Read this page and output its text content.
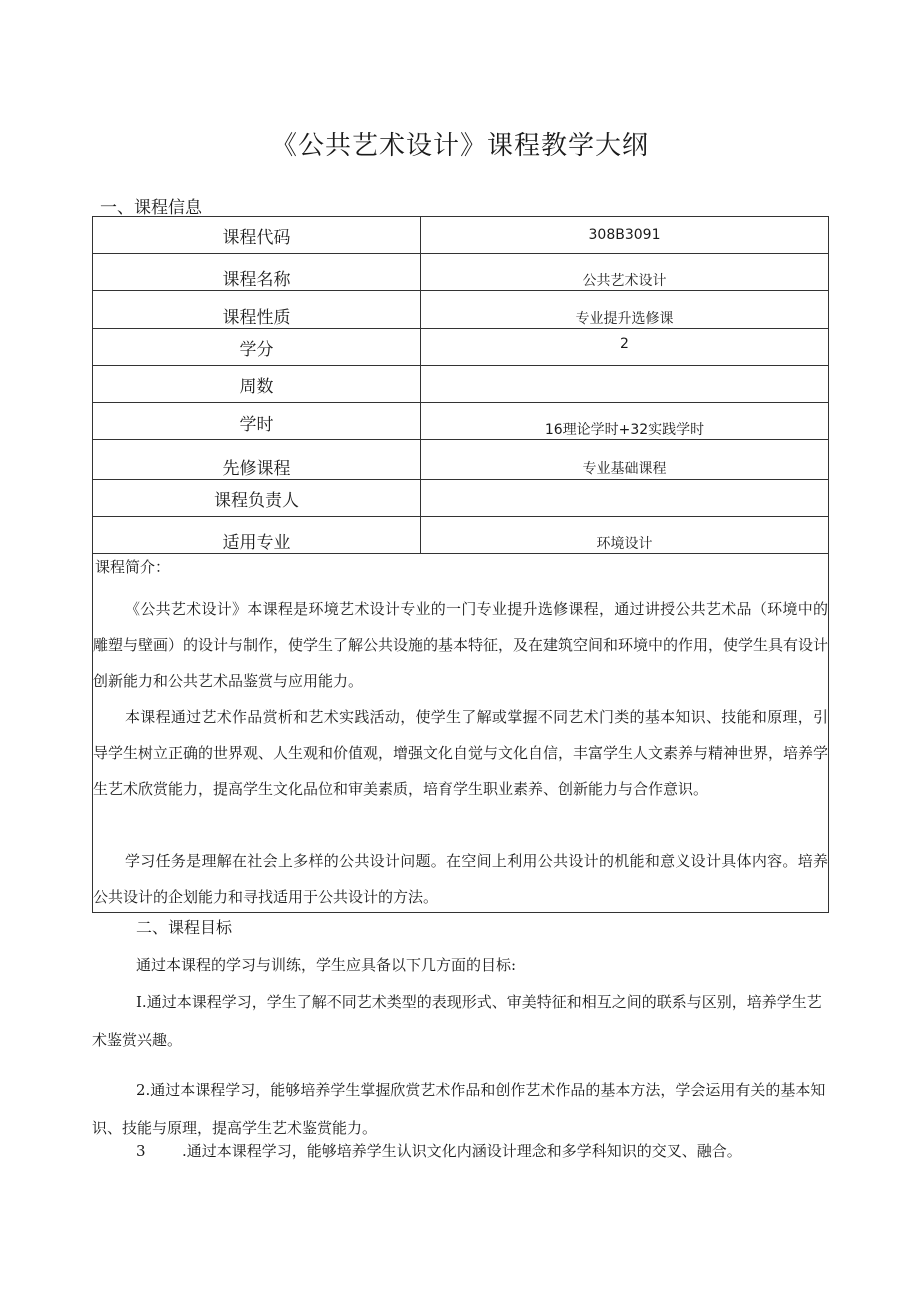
《公共艺术设计》课程教学大纲
一、课程信息
课程代码	308B3091
课程名称	公共艺术设计
课程性质	专业提升选修课
学分	2
周数	
学时	16理论学时+32实践学时
先修课程	专业基础课程
课程负责人	
适用专业	环境设计
课程简介：

《公共艺术设计》本课程是环境艺术设计专业的一门专业提升选修课程，通过讲授公共艺术品（环境中的雕塑与壁画）的设计与制作，使学生了解公共设施的基本特征，及在建筑空间和环境中的作用，使学生具有设计创新能力和公共艺术品鉴赏与应用能力。

本课程通过艺术作品赏析和艺术实践活动，使学生了解或掌握不同艺术门类的基本知识、技能和原理，引导学生树立正确的世界观、人生观和价值观，增强文化自觉与文化自信，丰富学生人文素养与精神世界，培养学生艺术欣赏能力，提高学生文化品位和审美素质，培育学生职业素养、创新能力与合作意识。

学习任务是理解在社会上多样的公共设计问题。在空间上利用公共设计的机能和意义设计具体内容。培养公共设计的企划能力和寻找适用于公共设计的方法。

二、课程目标

通过本课程的学习与训练，学生应具备以下几方面的目标:

I.通过本课程学习，学生了解不同艺术类型的表现形式、审美特征和相互之间的联系与区别，培养学生艺术鉴赏兴趣。

2.通过本课程学习，能够培养学生掌握欣赏艺术作品和创作艺术作品的基本方法，学会运用有关的基本知识、技能与原理，提高学生艺术鉴赏能力。

3 .通过本课程学习，能够培养学生认识文化内涵设计理念和多学科知识的交叉、融合。
